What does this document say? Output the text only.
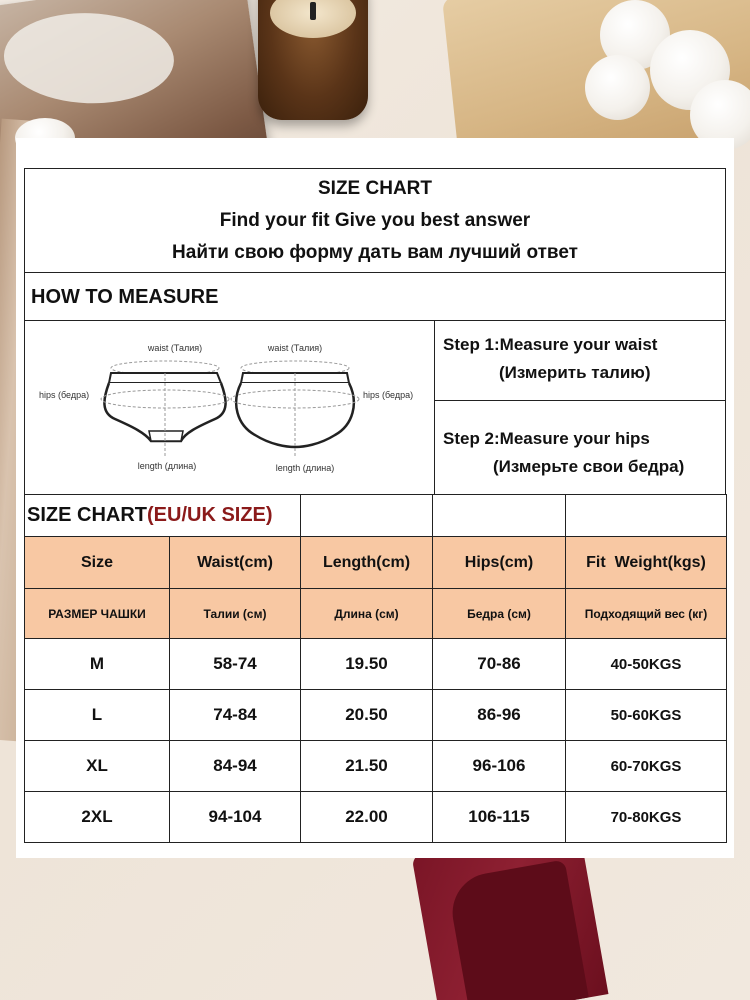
SIZE CHART
Find your fit Give you best answer
Найти свою форму дать вам лучший ответ
HOW TO MEASURE
waist (Талия)	waist (Талия)
hips (бедра)	hips (бедра)
length (длина)	length (длина)
Step 1:Measure your waist
(Измерить талию)
Step 2:Measure your hips
(Измерьте свои бедра)
SIZE CHART(EU/UK SIZE)				
Size	Waist(cm)	Length(cm)	Hips(cm)	Fit  Weight(kgs)
РАЗМЕР ЧАШКИ	Талии (см)	Длина (см)	Бедра (см)	Подходящий вес (кг)
M	58-74	19.50	70-86	40-50KGS
L	74-84	20.50	86-96	50-60KGS
XL	84-94	21.50	96-106	60-70KGS
2XL	94-104	22.00	106-115	70-80KGS
